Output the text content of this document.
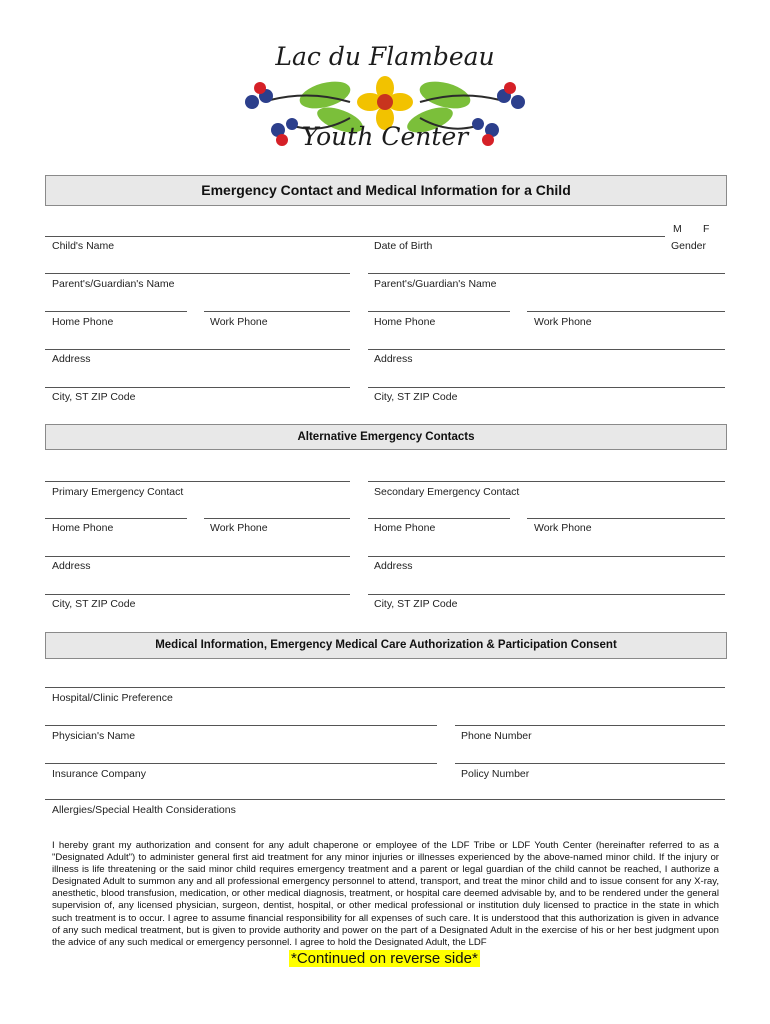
Lac du Flambeau
Youth Center
Emergency Contact and Medical Information for a Child
Child's Name	Date of Birth
M F
Gender
Parent's/Guardian's Name	Parent's/Guardian's Name
Home Phone	Work Phone	Home Phone	Work Phone
Address	Address
City, ST ZIP Code	City, ST ZIP Code
Alternative Emergency Contacts
Primary Emergency Contact	Secondary Emergency Contact
Home Phone	Work Phone	Home Phone	Work Phone
Address	Address
City, ST ZIP Code	City, ST ZIP Code
Medical Information, Emergency Medical Care Authorization & Participation Consent
Hospital/Clinic Preference
Physician's Name	Phone Number
Insurance Company	Policy Number
Allergies/Special Health Considerations
I hereby grant my authorization and consent for any adult chaperone or employee of the LDF Tribe or LDF Youth Center (hereinafter referred to as a "Designated Adult") to administer general first aid treatment for any minor injuries or illnesses experienced by the above-named minor child. If the injury or illness is life threatening or the said minor child requires emergency treatment and a parent or legal guardian of the child cannot be reached, I authorize a Designated Adult to summon any and all professional emergency personnel to attend, transport, and treat the minor child and to issue consent for any X-ray, anesthetic, blood transfusion, medication, or other medical diagnosis, treatment, or hospital care deemed advisable by, and to be rendered under the general supervision of, any licensed physician, surgeon, dentist, hospital, or other medical professional or institution duly licensed to practice in the state in which such treatment is to occur. I agree to assume financial responsibility for all expenses of such care. It is understood that this authorization is given in advance of any such medical treatment, but is given to provide authority and power on the part of a Designated Adult in the exercise of his or her best judgment upon the advice of any such medical or emergency personnel. I agree to hold the Designated Adult, the LDF
*Continued on reverse side*
